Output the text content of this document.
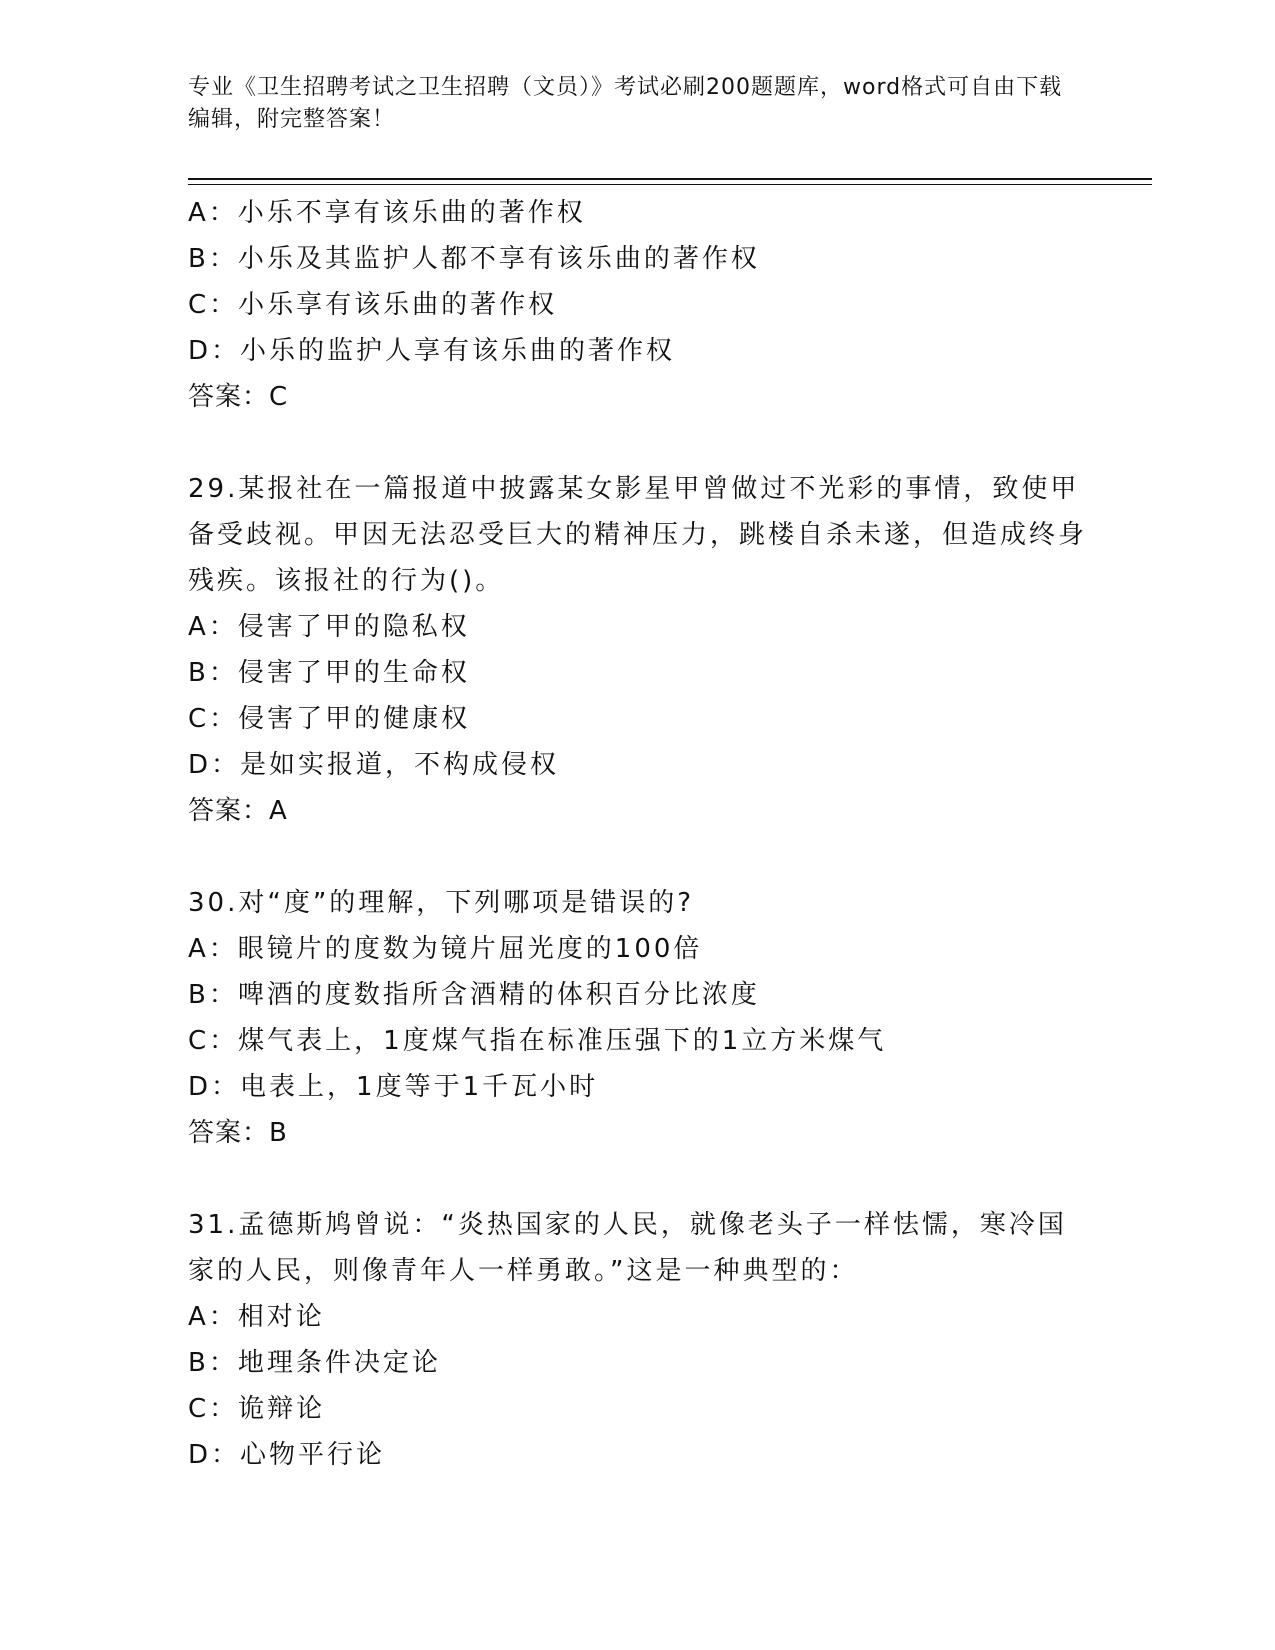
专业《卫生招聘考试之卫生招聘（文员）》考试必刷200题题库，word格式可自由下载编辑，附完整答案！
A：小乐不享有该乐曲的著作权
B：小乐及其监护人都不享有该乐曲的著作权
C：小乐享有该乐曲的著作权
D：小乐的监护人享有该乐曲的著作权
答案：C
29.某报社在一篇报道中披露某女影星甲曾做过不光彩的事情，致使甲备受歧视。甲因无法忍受巨大的精神压力，跳楼自杀未遂，但造成终身残疾。该报社的行为()。
A：侵害了甲的隐私权
B：侵害了甲的生命权
C：侵害了甲的健康权
D：是如实报道，不构成侵权
答案：A
30.对“度”的理解，下列哪项是错误的?
A：眼镜片的度数为镜片屈光度的100倍
B：啤酒的度数指所含酒精的体积百分比浓度
C：煤气表上，1度煤气指在标准压强下的1立方米煤气
D：电表上，1度等于1千瓦小时
答案：B
31.孟德斯鸠曾说：“炎热国家的人民，就像老头子一样怯懦，寒冷国家的人民，则像青年人一样勇敢。”这是一种典型的：
A：相对论
B：地理条件决定论
C：诡辩论
D：心物平行论
